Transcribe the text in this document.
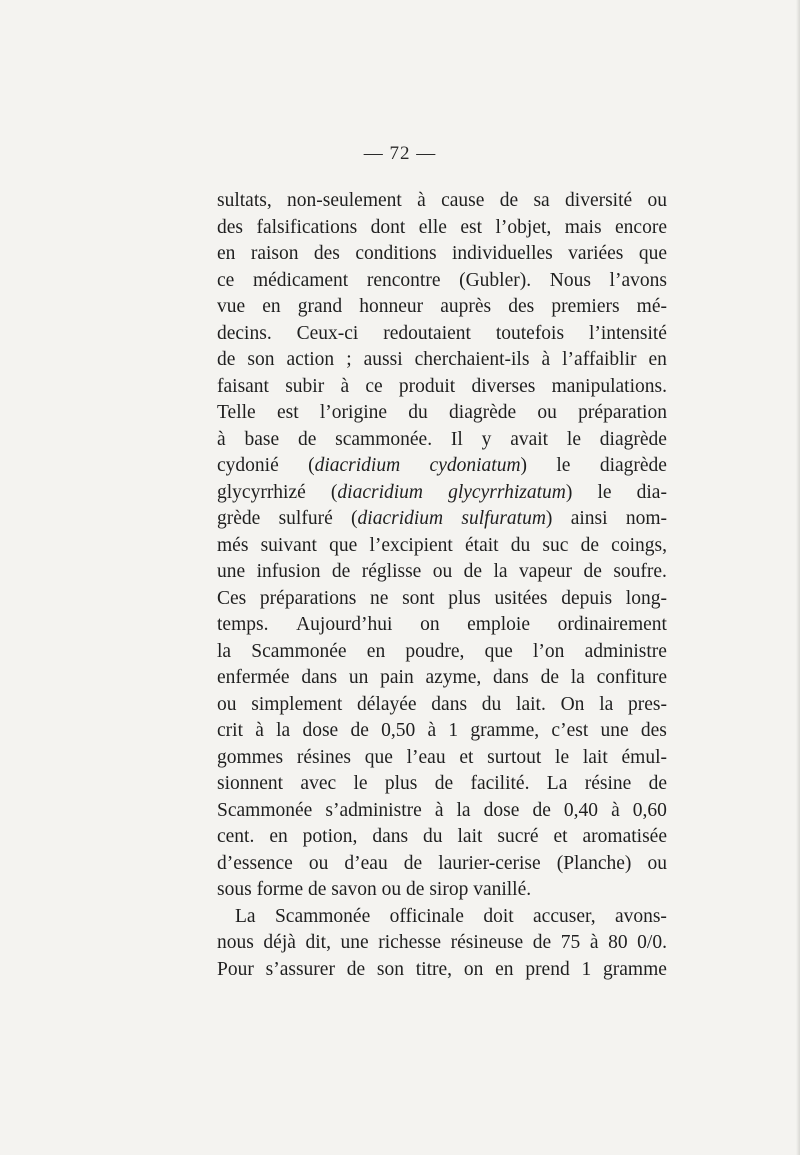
— 72 —
sultats, non-seulement à cause de sa diversité ou
des falsifications dont elle est l’objet, mais encore
en raison des conditions individuelles variées que
ce médicament rencontre (Gubler). Nous l’avons
vue en grand honneur auprès des premiers mé-
decins. Ceux-ci redoutaient toutefois l’intensité
de son action ; aussi cherchaient-ils à l’affaiblir en
faisant subir à ce produit diverses manipulations.
Telle est l’origine du diagrède ou préparation
à base de scammonée. Il y avait le diagrède
cydonié (diacridium cydoniatum) le diagrède
glycyrrhizé (diacridium glycyrrhizatum) le dia-
grède sulfuré (diacridium sulfuratum) ainsi nom-
més suivant que l’excipient était du suc de coings,
une infusion de réglisse ou de la vapeur de soufre.
Ces préparations ne sont plus usitées depuis long-
temps. Aujourd’hui on emploie ordinairement
la Scammonée en poudre, que l’on administre
enfermée dans un pain azyme, dans de la confiture
ou simplement délayée dans du lait. On la pres-
crit à la dose de 0,50 à 1 gramme, c’est une des
gommes résines que l’eau et surtout le lait émul-
sionnent avec le plus de facilité. La résine de
Scammonée s’administre à la dose de 0,40 à 0,60
cent. en potion, dans du lait sucré et aromatisée
d’essence ou d’eau de laurier-cerise (Planche) ou
sous
forme
de
savon
ou
de
sirop
vanillé.

La Scammonée officinale doit accuser, avons-
nous déjà dit, une richesse résineuse de 75 à 80 0/0.
Pour s’assurer de son titre, on en prend 1 gramme
